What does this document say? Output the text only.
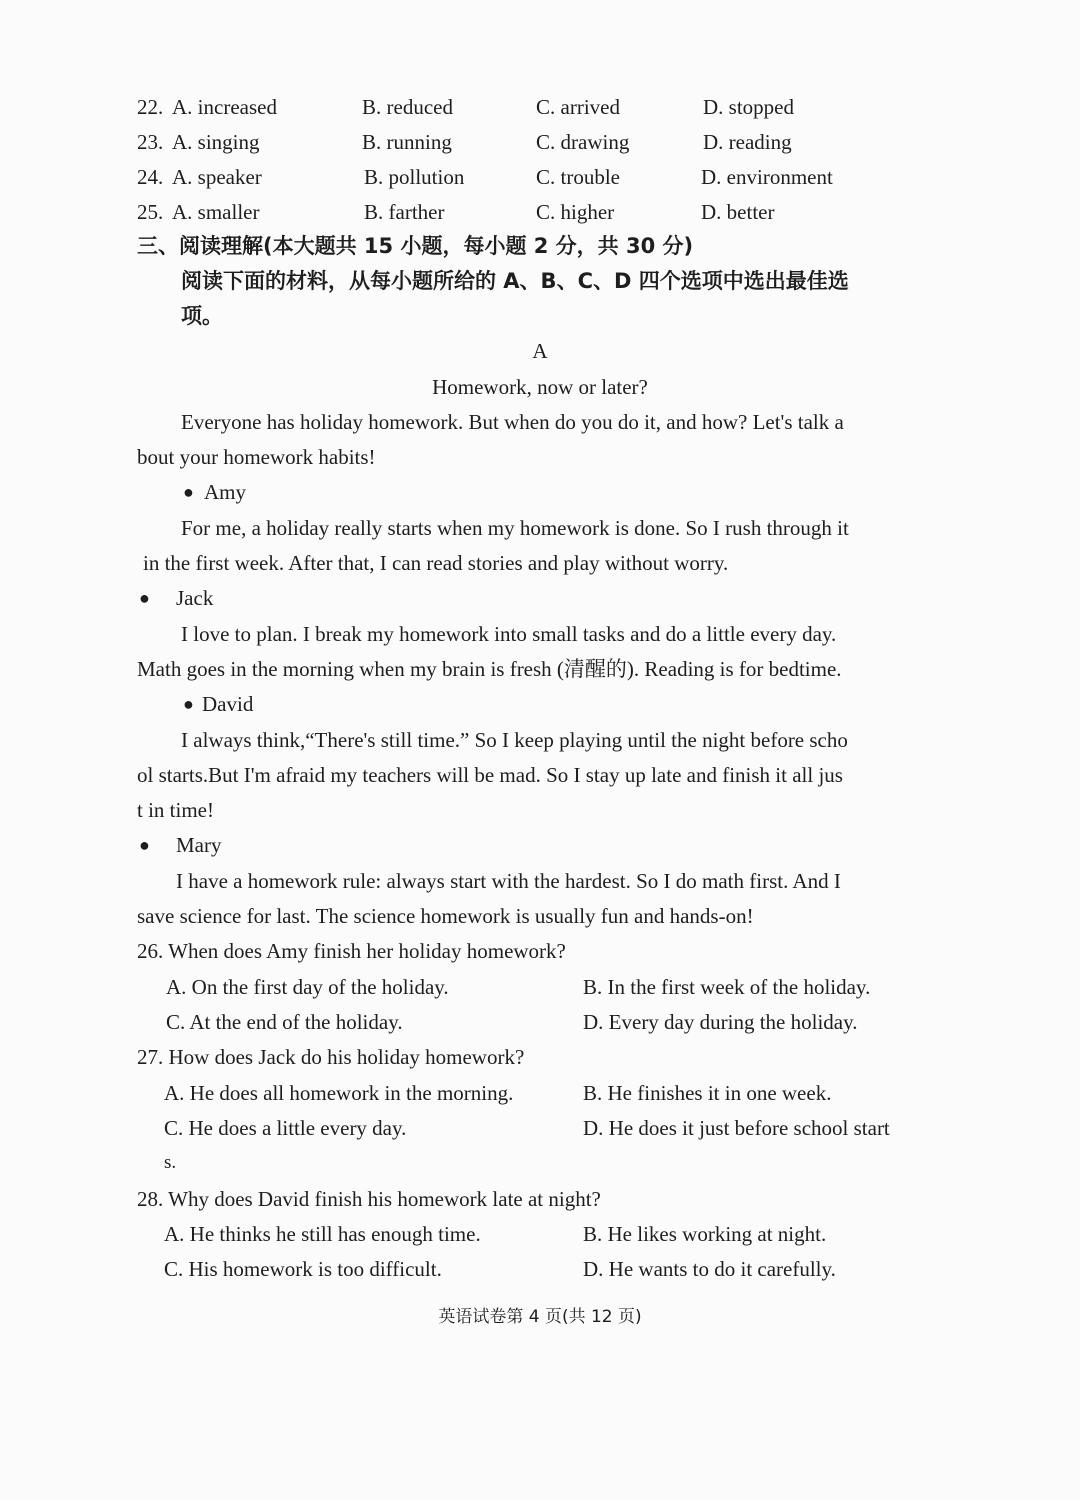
22. A. increased	B. reduced	C. arrived	D. stopped
23. A. singing	B. running	C. drawing	D. reading
24. A. speaker	B. pollution	C. trouble	D. environment
25. A. smaller	B. farther	C. higher	D. better
三、阅读理解(本大题共 15 小题，每小题 2 分，共 30 分)
阅读下面的材料，从每小题所给的 A、B、C、D 四个选项中选出最佳选
项。
A
Homework, now or later?
Everyone has holiday homework. But when do you do it, and how? Let's talk a
bout your homework habits!
● Amy
For me, a holiday really starts when my homework is done. So I rush through it
in the first week. After that, I can read stories and play without worry.
● Jack
I love to plan. I break my homework into small tasks and do a little every day.
Math goes in the morning when my brain is fresh (清醒的). Reading is for bedtime.
● David
I always think,“There's still time.” So I keep playing until the night before scho
ol starts.But I'm afraid my teachers will be mad. So I stay up late and finish it all jus
t in time!
● Mary
I have a homework rule: always start with the hardest. So I do math first. And I
save science for last. The science homework is usually fun and hands-on!
26. When does Amy finish her holiday homework?
A. On the first day of the holiday.	B. In the first week of the holiday.
C. At the end of the holiday.	D. Every day during the holiday.
27. How does Jack do his holiday homework?
A. He does all homework in the morning.	B. He finishes it in one week.
C. He does a little every day.	D. He does it just before school start
s.
28. Why does David finish his homework late at night?
A. He thinks he still has enough time.	B. He likes working at night.
C. His homework is too difficult.	D. He wants to do it carefully.
英语试卷第 4 页(共 12 页)
